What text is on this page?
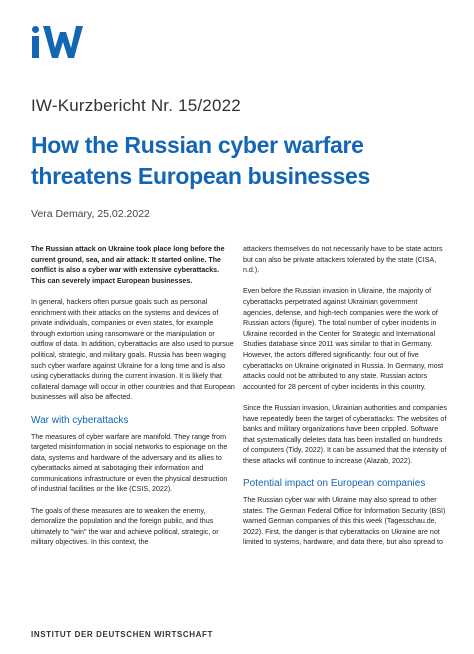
IW-Kurzbericht Nr. 15/2022
How the Russian cyber warfare threatens European businesses
Vera Demary, 25.02.2022

The Russian attack on Ukraine took place long before the current ground, sea, and air attack: It started online. The conflict is also a cyber war with extensive cyberattacks. This can severely impact European businesses.

In general, hackers often pursue goals such as personal enrichment with their attacks on the systems and devices of private individuals, companies or even states, for example through extortion using ransomware or the manipulation or outflow of data. In addition, cyberattacks are also used to pursue political, strategic, and military goals. Russia has been waging such cyber warfare against Ukraine for a long time and is also using cyberattacks during the current invasion. It is likely that collateral damage will occur in other countries and that European businesses will also be affected.

War with cyberattacks

The measures of cyber warfare are manifold. They range from targeted misinformation in social networks to espionage on the data, systems and hardware of the adversary and its allies to cyberattacks aimed at sabotaging their information and communications infrastructure or even the physical destruction of industrial facilities or the like (CSIS, 2022).

The goals of these measures are to weaken the enemy, demoralize the population and the foreign public, and thus ultimately to "win" the war and achieve political, strategic, or military objectives. In this context, the

attackers themselves do not necessarily have to be state actors but can also be private attackers tolerated by the state (CISA, n.d.).

Even before the Russian invasion in Ukraine, the majority of cyberattacks perpetrated against Ukrainian government agencies, defense, and high-tech companies were the work of Russian actors (figure). The total number of cyber incidents in Ukraine recorded in the Center for Strategic and International Studies database since 2011 was similar to that in Germany. However, the actors differed significantly: four out of five cyberattacks on Ukraine originated in Russia. In Germany, most attacks could not be attributed to any state. Russian actors accounted for 28 percent of cyber incidents in this country.

Since the Russian invasion, Ukrainian authorities and companies have repeatedly been the target of cyberattacks: The websites of banks and military organizations have been crippled. Software that systematically deletes data has been installed on hundreds of computers (Tidy, 2022). It can be assumed that the intensity of these attacks will continue to increase (Alazab, 2022).

Potential impact on European companies

The Russian cyber war with Ukraine may also spread to other states. The German Federal Office for Information Security (BSI) warned German companies of this this week (Tagesschau.de, 2022). First, the danger is that cyberattacks on Ukraine are not limited to systems, hardware, and data there, but also spread to

INSTITUT DER DEUTSCHEN WIRTSCHAFT
